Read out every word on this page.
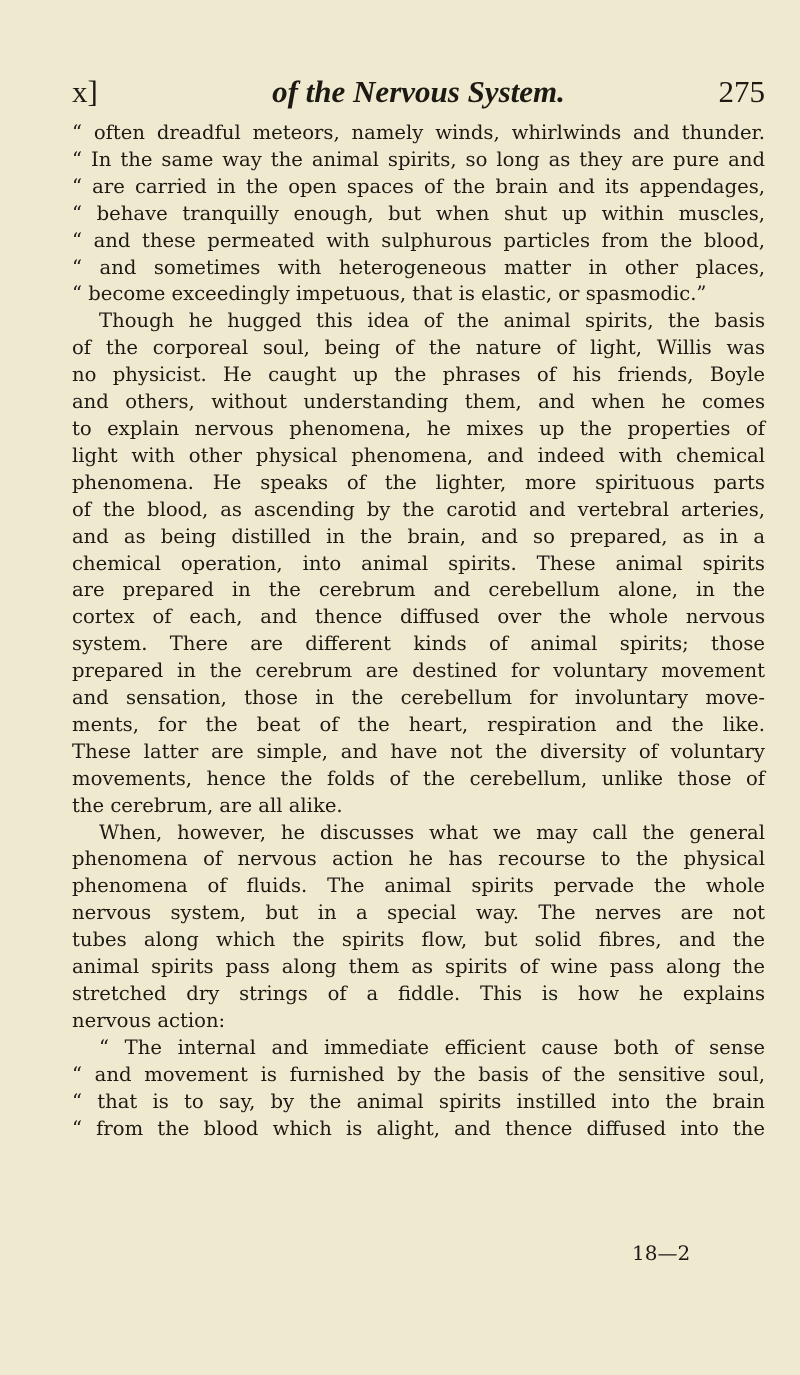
x]	of the Nervous System.	275
“ often dreadful meteors, namely winds, whirlwinds and thunder.
“ In the same way the animal spirits, so long as they are pure and
“ are carried in the open spaces of the brain and its appendages,
“ behave tranquilly enough, but when shut up within muscles,
“ and these permeated with sulphurous particles from the blood,
“ and sometimes with heterogeneous matter in other places,
“ become exceedingly impetuous, that is elastic, or spasmodic.”
Though he hugged this idea of the animal spirits, the basis
of the corporeal soul, being of the nature of light, Willis was
no physicist. He caught up the phrases of his friends, Boyle
and others, without understanding them, and when he comes
to explain nervous phenomena, he mixes up the properties of
light with other physical phenomena, and indeed with chemical
phenomena. He speaks of the lighter, more spirituous parts
of the blood, as ascending by the carotid and vertebral arteries,
and as being distilled in the brain, and so prepared, as in a
chemical operation, into animal spirits. These animal spirits
are prepared in the cerebrum and cerebellum alone, in the
cortex of each, and thence diffused over the whole nervous
system. There are different kinds of animal spirits; those
prepared in the cerebrum are destined for voluntary movement
and sensation, those in the cerebellum for involuntary move-
ments, for the beat of the heart, respiration and the like.
These latter are simple, and have not the diversity of voluntary
movements, hence the folds of the cerebellum, unlike those of
the cerebrum, are all alike.
When, however, he discusses what we may call the general
phenomena of nervous action he has recourse to the physical
phenomena of fluids. The animal spirits pervade the whole
nervous system, but in a special way. The nerves are not
tubes along which the spirits flow, but solid fibres, and the
animal spirits pass along them as spirits of wine pass along the
stretched dry strings of a fiddle. This is how he explains
nervous action:
“ The internal and immediate efficient cause both of sense
“ and movement is furnished by the basis of the sensitive soul,
“ that is to say, by the animal spirits instilled into the brain
“ from the blood which is alight, and thence diffused into the
18—2
